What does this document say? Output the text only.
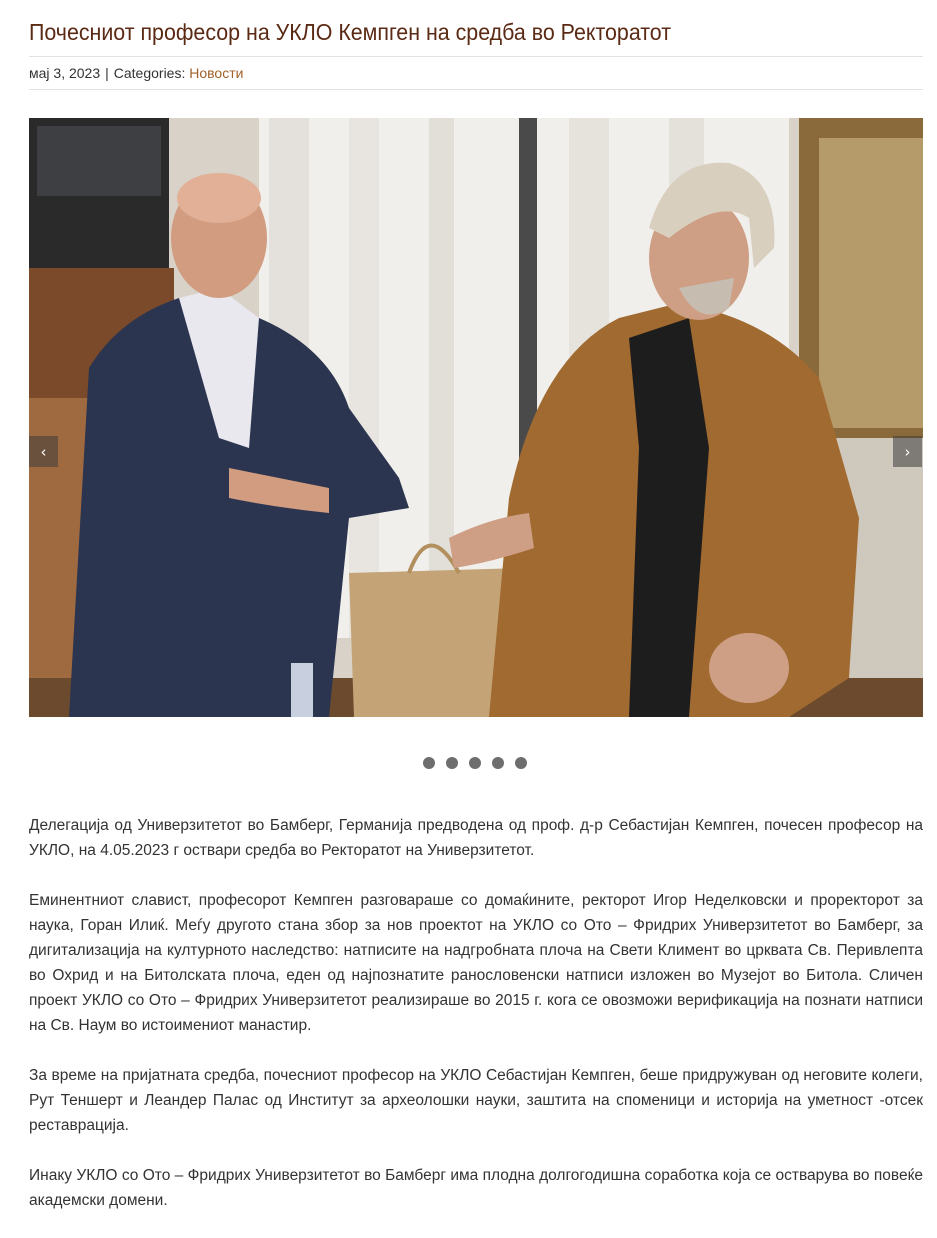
Почесниот професор на УКЛО Кемпген на средба во Ректоратот
мај 3, 2023 | Categories: Новости
‹	›

Делегација од Универзитетот во Бамберг, Германија предводена од проф. д-р Себастијан Кемпген, почесен професор на УКЛО, на 4.05.2023 г оствари средба во Ректоратот на Универзитетот.

Еминентниот славист, професорот Кемпген разговараше со домаќините, ректорот Игор Неделковски и проректорот за наука, Горан Илиќ. Меѓу другото стана збор за нов проектот на УКЛО со Ото – Фридрих Универзитетот во Бамберг, за дигитализација на културното наследство: натписите на надгробната плоча на Свети Климент во црквата Св. Перивлепта во Охрид и на Битолската плоча, еден од најпознатите ранословенски натписи изложен во Музејот во Битола. Сличен проект УКЛО со Ото – Фридрих Универзитетот реализираше во 2015 г. кога се овозможи верификација на познати натписи на Св. Наум во истоимениот манастир.

За време на пријатната средба, почесниот професор на УКЛО Себастијан Кемпген, беше придружуван од неговите колеги, Рут Теншерт и Леандер Палас од Институт за археолошки науки, заштита на споменици и историја на уметност -отсек реставрација.

Инаку УКЛО со Ото – Фридрих Универзитетот во Бамберг има плодна долгогодишна соработка која се остварува во повеќе академски домени.
